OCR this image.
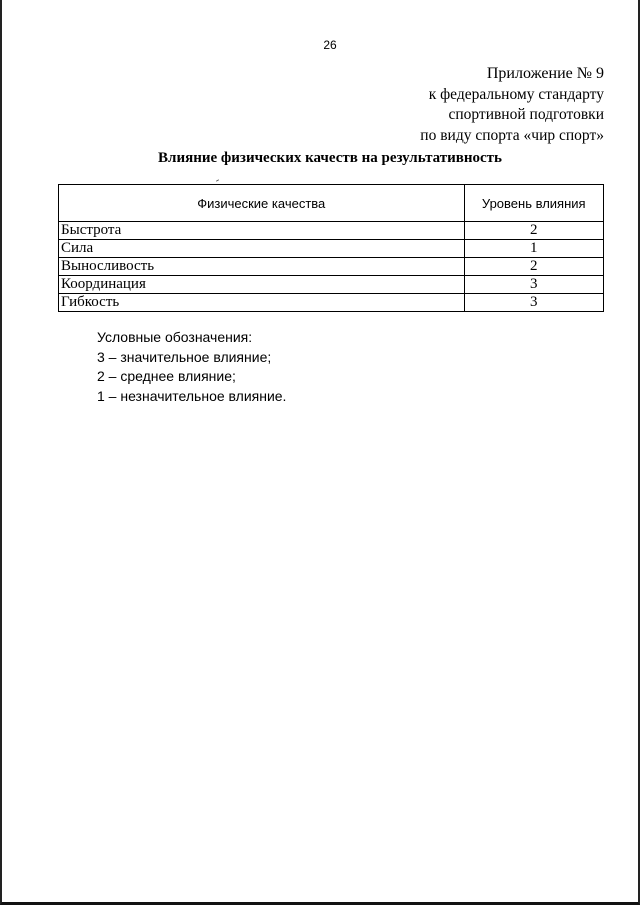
26
Приложение № 9
к федеральному стандарту
спортивной подготовки
по виду спорта «чир спорт»
Влияние физических качеств на результативность
Физические качества	Уровень влияния
Быстрота	2
Сила	1
Выносливость	2
Координация	3
Гибкость	3
Условные обозначения:
3 – значительное влияние;
2 – среднее влияние;
1 – незначительное влияние.
